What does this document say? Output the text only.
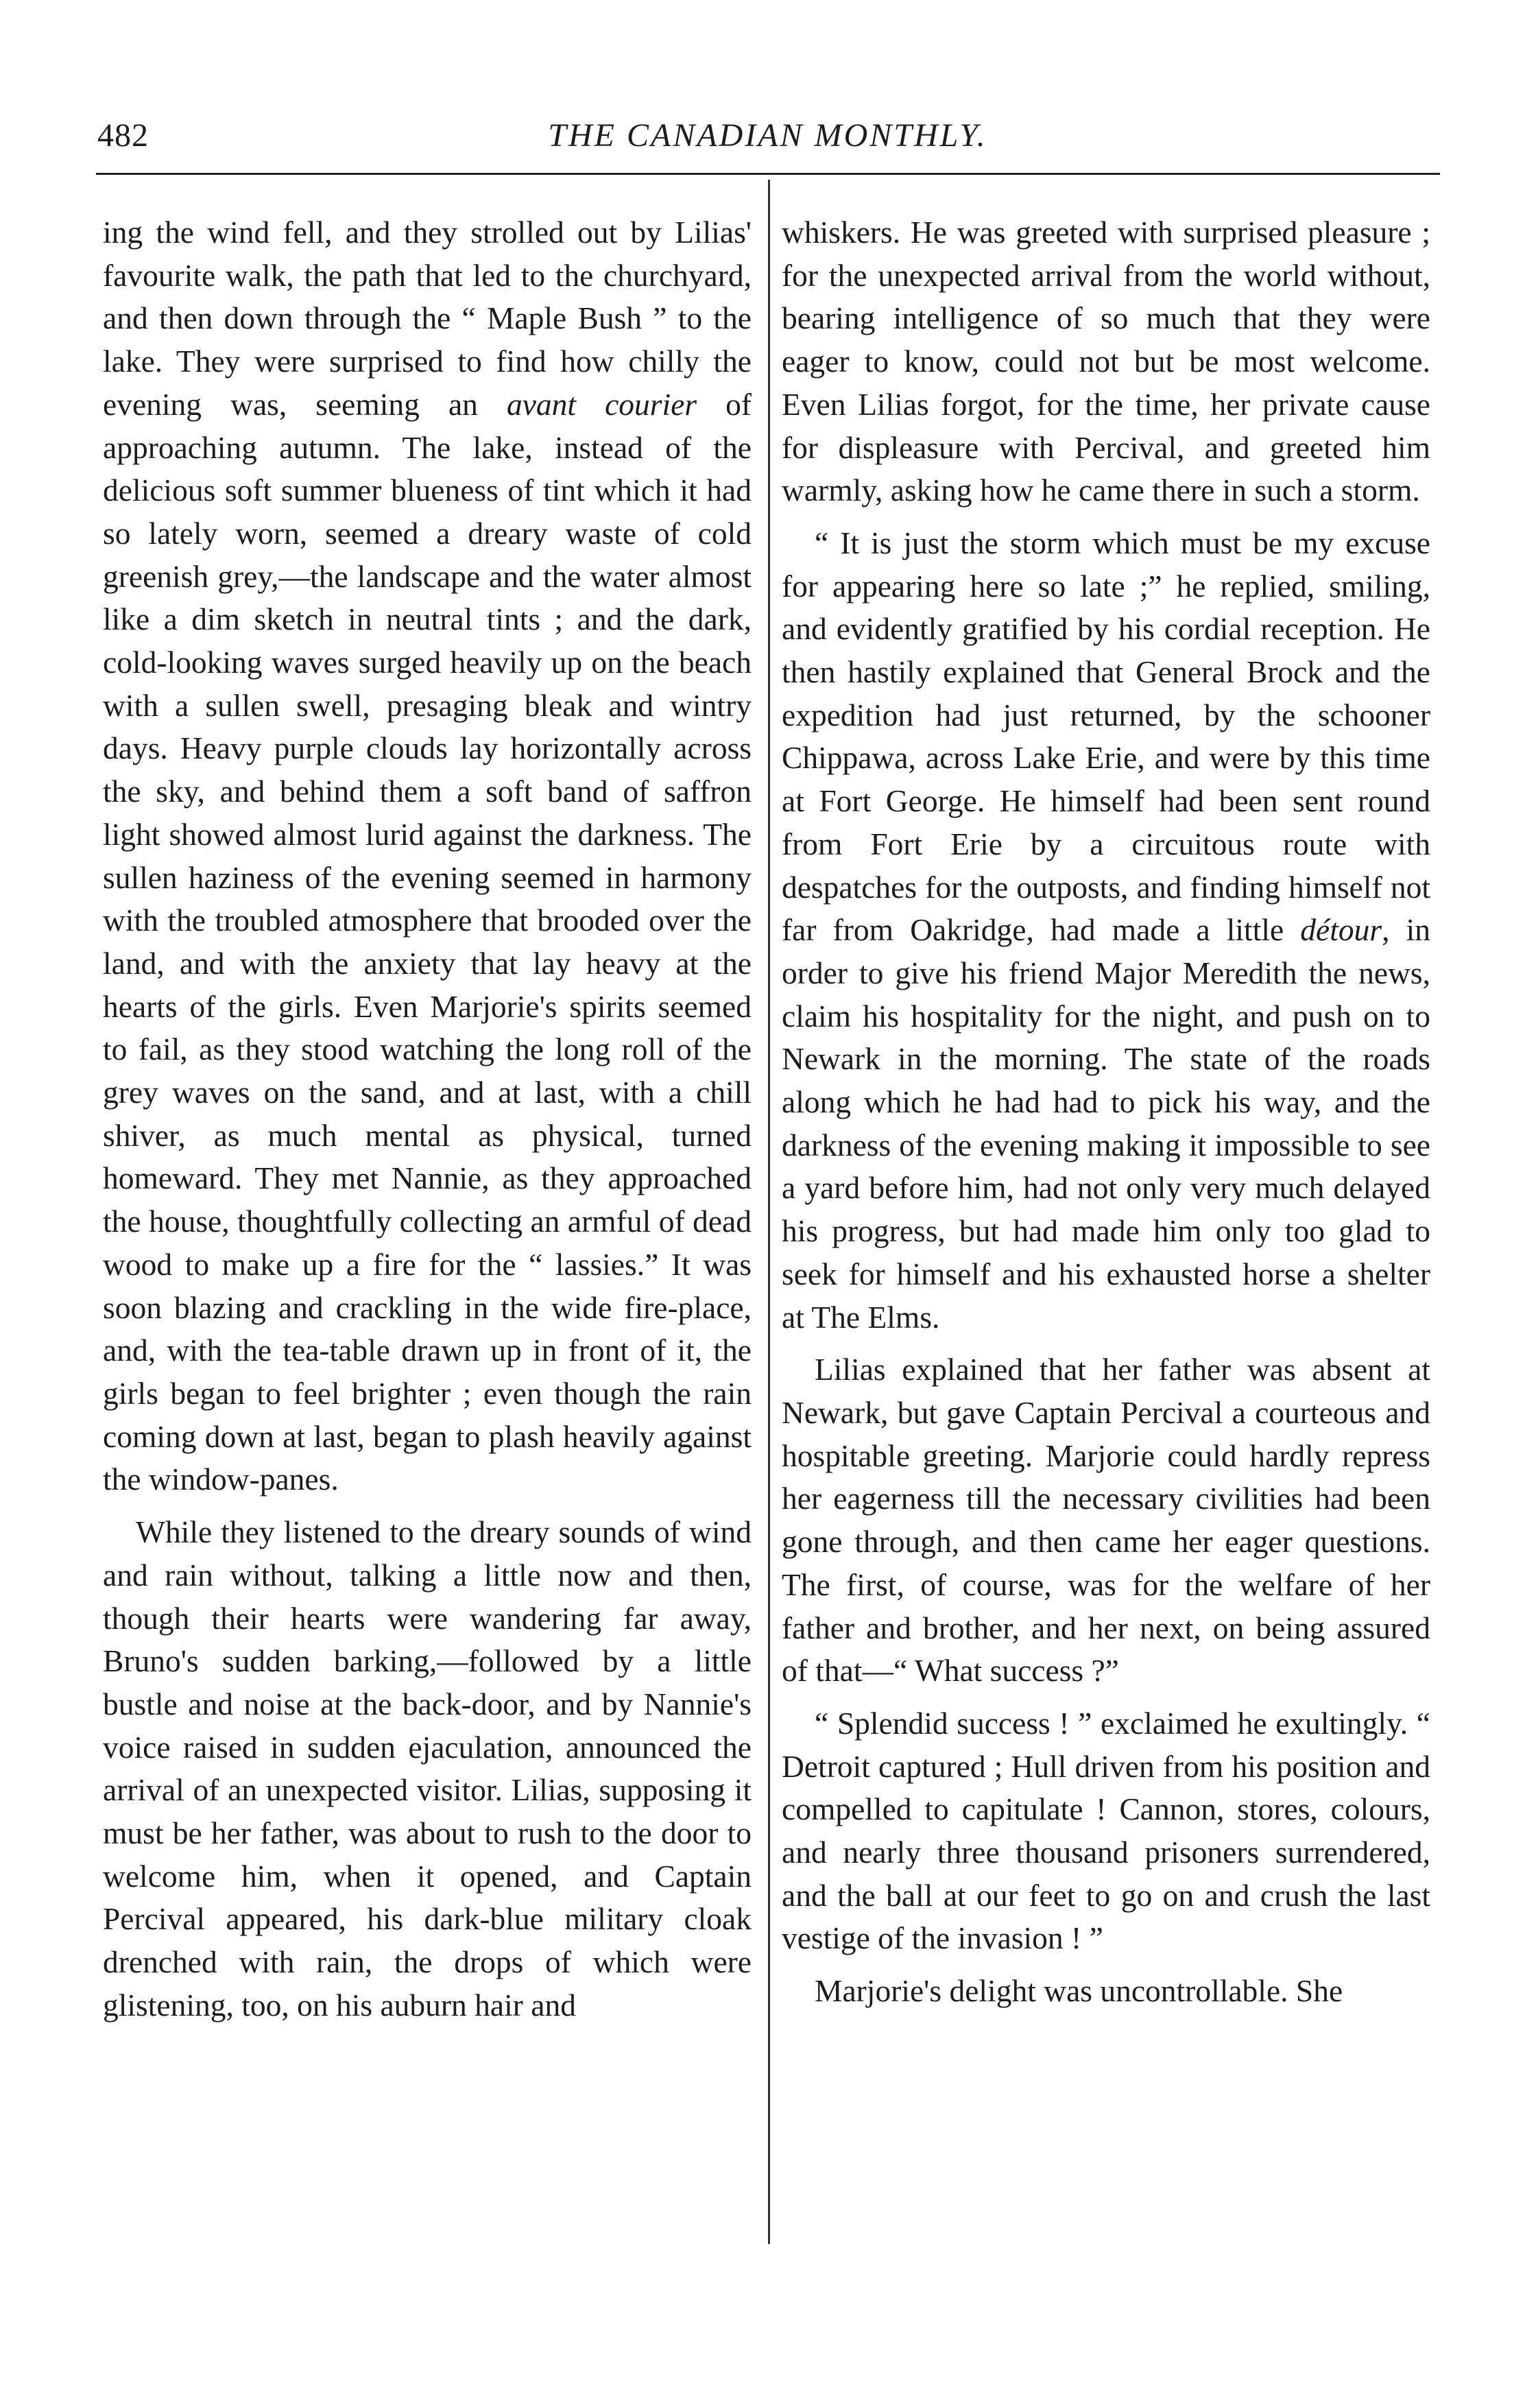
482	THE CANADIAN MONTHLY.

ing the wind fell, and they strolled out by Lilias' favourite walk, the path that led to the churchyard, and then down through the “ Maple Bush ” to the lake. They were surprised to find how chilly the evening was, seeming an avant courier of approaching autumn. The lake, instead of the delicious soft summer blueness of tint which it had so lately worn, seemed a dreary waste of cold greenish grey,—the landscape and the water almost like a dim sketch in neutral tints ; and the dark, cold-looking waves surged heavily up on the beach with a sullen swell, presaging bleak and wintry days. Heavy purple clouds lay horizontally across the sky, and behind them a soft band of saffron light showed almost lurid against the darkness. The sullen haziness of the evening seemed in harmony with the troubled atmosphere that brooded over the land, and with the anxiety that lay heavy at the hearts of the girls. Even Marjorie's spirits seemed to fail, as they stood watching the long roll of the grey waves on the sand, and at last, with a chill shiver, as much mental as physical, turned homeward. They met Nannie, as they approached the house, thoughtfully collecting an armful of dead wood to make up a fire for the “ lassies.” It was soon blazing and crackling in the wide fire-place, and, with the tea-table drawn up in front of it, the girls began to feel brighter ; even though the rain coming down at last, began to plash heavily against the window-panes.

While they listened to the dreary sounds of wind and rain without, talking a little now and then, though their hearts were wandering far away, Bruno's sudden barking,—followed by a little bustle and noise at the back-door, and by Nannie's voice raised in sudden ejaculation, announced the arrival of an unexpected visitor. Lilias, supposing it must be her father, was about to rush to the door to welcome him, when it opened, and Captain Percival appeared, his dark-blue military cloak drenched with rain, the drops of which were glistening, too, on his auburn hair and

whiskers. He was greeted with surprised pleasure ; for the unexpected arrival from the world without, bearing intelligence of so much that they were eager to know, could not but be most welcome. Even Lilias forgot, for the time, her private cause for displeasure with Percival, and greeted him warmly, asking how he came there in such a storm.

“ It is just the storm which must be my excuse for appearing here so late ;” he replied, smiling, and evidently gratified by his cordial reception. He then hastily explained that General Brock and the expedition had just returned, by the schooner Chippawa, across Lake Erie, and were by this time at Fort George. He himself had been sent round from Fort Erie by a circuitous route with despatches for the outposts, and finding himself not far from Oakridge, had made a little détour, in order to give his friend Major Meredith the news, claim his hospitality for the night, and push on to Newark in the morning. The state of the roads along which he had had to pick his way, and the darkness of the evening making it impossible to see a yard before him, had not only very much delayed his progress, but had made him only too glad to seek for himself and his exhausted horse a shelter at The Elms.

Lilias explained that her father was absent at Newark, but gave Captain Percival a courteous and hospitable greeting. Marjorie could hardly repress her eagerness till the necessary civilities had been gone through, and then came her eager questions. The first, of course, was for the welfare of her father and brother, and her next, on being assured of that—“ What success ?”

“ Splendid success ! ” exclaimed he exultingly. “ Detroit captured ; Hull driven from his position and compelled to capitulate ! Cannon, stores, colours, and nearly three thousand prisoners surrendered, and the ball at our feet to go on and crush the last vestige of the invasion ! ”

Marjorie's delight was uncontrollable. She
